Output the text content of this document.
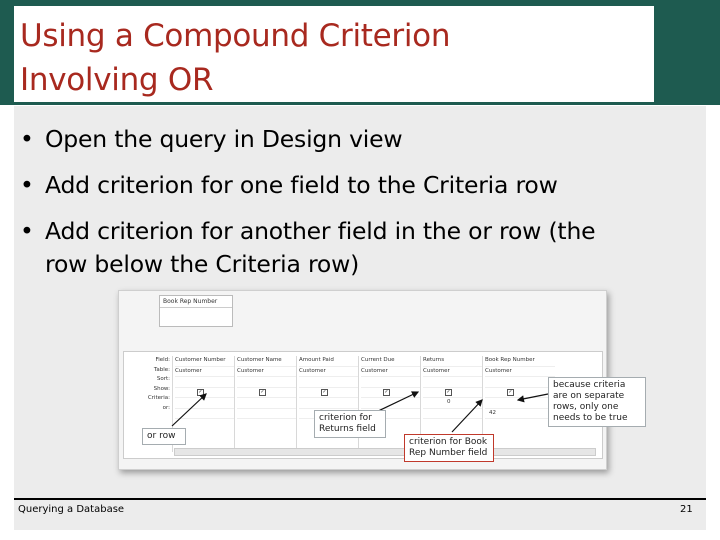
Using a Compound Criterion
Involving OR
• Open the query in Design view
• Add criterion for one field to the Criteria row
• Add criterion for another field in the or row (the
row below the Criteria row)
Book Rep Number
Field:
Table:
Sort:
Show:
Criteria:
or:
Customer Number
Customer
✓
Customer Name
Customer
✓
Amount Paid
Customer
✓
Current Due
Customer
✓
Returns
Customer
✓
0
Book Rep Number
Customer
✓
42
or row
criterion for Returns field
criterion for Book Rep Number field
because criteria are on separate rows, only one needs to be true
Querying a Database	21
